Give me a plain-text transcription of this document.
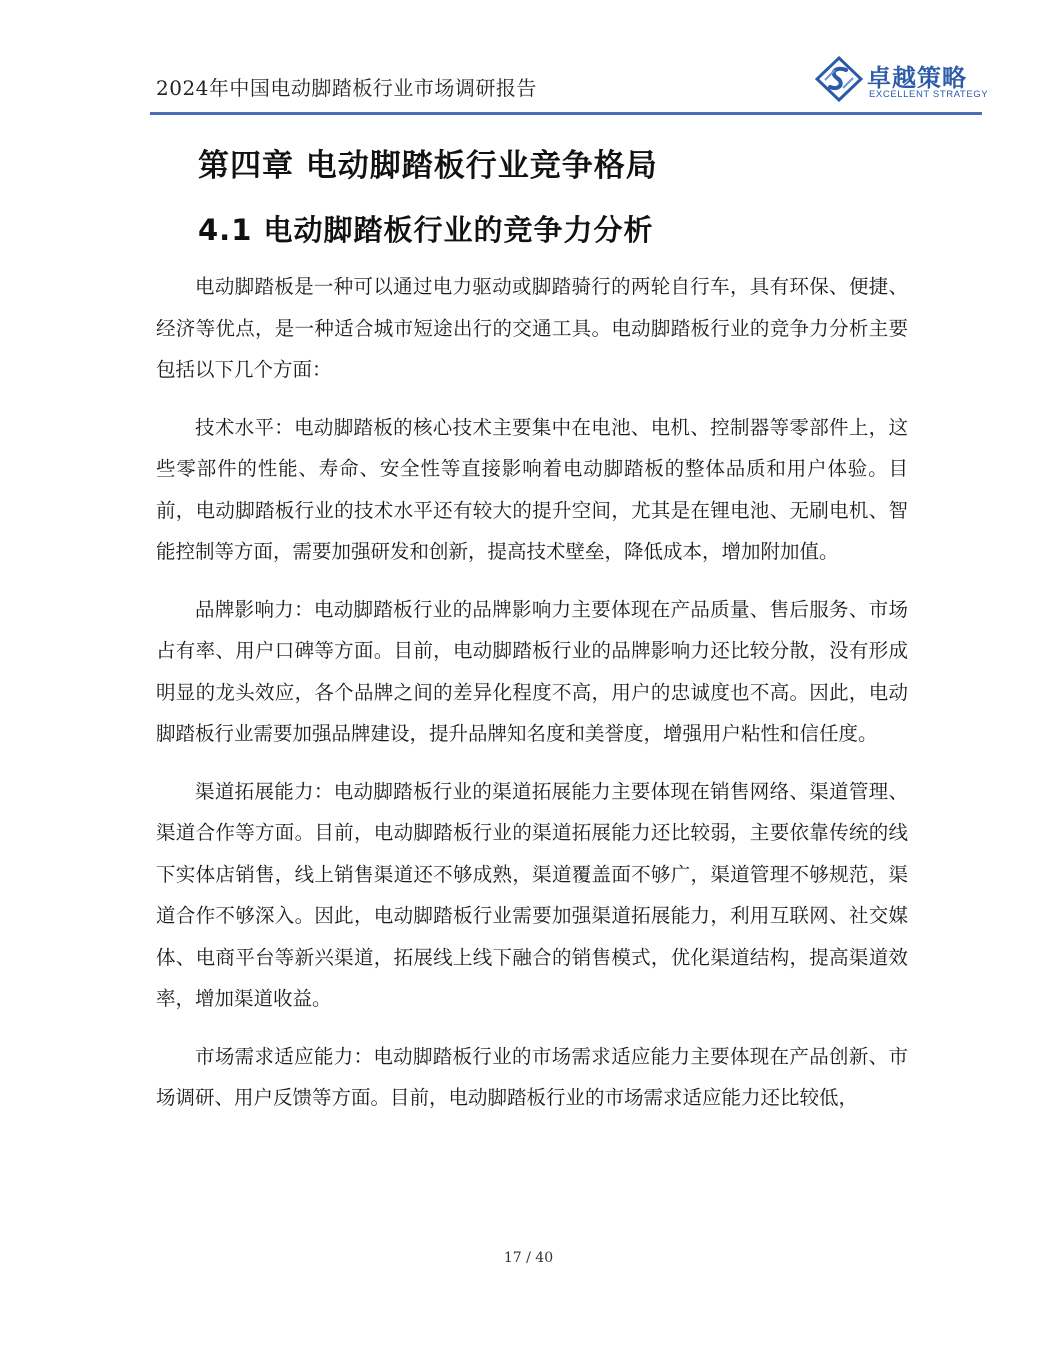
2024年中国电动脚踏板行业市场调研报告	卓越策略
EXCELLENT STRATEGY
第四章 电动脚踏板行业竞争格局
4.1 电动脚踏板行业的竞争力分析

电动脚踏板是一种可以通过电力驱动或脚踏骑行的两轮自行车，具有环保、便捷、经济等优点，是一种适合城市短途出行的交通工具。电动脚踏板行业的竞争力分析主要包括以下几个方面：

技术水平：电动脚踏板的核心技术主要集中在电池、电机、控制器等零部件上，这些零部件的性能、寿命、安全性等直接影响着电动脚踏板的整体品质和用户体验。目前，电动脚踏板行业的技术水平还有较大的提升空间，尤其是在锂电池、无刷电机、智能控制等方面，需要加强研发和创新，提高技术壁垒，降低成本，增加附加值。

品牌影响力：电动脚踏板行业的品牌影响力主要体现在产品质量、售后服务、市场占有率、用户口碑等方面。目前，电动脚踏板行业的品牌影响力还比较分散，没有形成明显的龙头效应，各个品牌之间的差异化程度不高，用户的忠诚度也不高。因此，电动脚踏板行业需要加强品牌建设，提升品牌知名度和美誉度，增强用户粘性和信任度。

渠道拓展能力：电动脚踏板行业的渠道拓展能力主要体现在销售网络、渠道管理、渠道合作等方面。目前，电动脚踏板行业的渠道拓展能力还比较弱，主要依靠传统的线下实体店销售，线上销售渠道还不够成熟，渠道覆盖面不够广，渠道管理不够规范，渠道合作不够深入。因此，电动脚踏板行业需要加强渠道拓展能力，利用互联网、社交媒体、电商平台等新兴渠道，拓展线上线下融合的销售模式，优化渠道结构，提高渠道效率，增加渠道收益。

市场需求适应能力：电动脚踏板行业的市场需求适应能力主要体现在产品创新、市场调研、用户反馈等方面。目前，电动脚踏板行业的市场需求适应能力还比较低，

17 / 40
